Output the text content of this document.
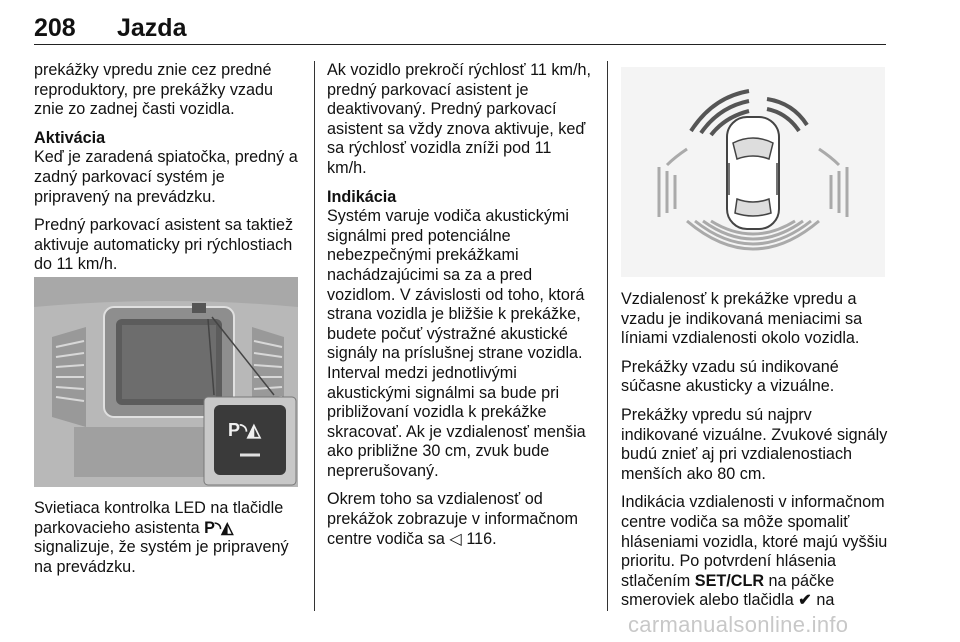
208 Jazda

prekážky vpredu znie cez predné reproduktory, pre prekážky vzadu znie zo zadnej časti vozidla.

Aktivácia

Keď je zaradená spiatočka, predný a zadný parkovací systém je pripravený na prevádzku.

Predný parkovací asistent sa taktiež aktivuje automaticky pri rýchlostiach do 11 km/h.

P◝◭
Svietiaca kontrolka LED na tlačidle parkovacieho asistenta P◝◭ signalizuje, že systém je pripravený na prevádzku.

Ak vozidlo prekročí rýchlosť 11 km/h, predný parkovací asistent je deaktivovaný. Predný parkovací asistent sa vždy znova aktivuje, keď sa rýchlosť vozidla zníži pod 11 km/h.

Indikácia

Systém varuje vodiča akustickými signálmi pred potenciálne nebezpečnými prekážkami nachádzajúcimi sa za a pred vozidlom. V závislosti od toho, ktorá strana vozidla je bližšie k prekážke, budete počuť výstražné akustické signály na príslušnej strane vozidla. Interval medzi jednotlivými akustickými signálmi sa bude pri približovaní vozidla k prekážke skracovať. Ak je vzdialenosť menšia ako približne 30 cm, zvuk bude neprerušovaný.

Okrem toho sa vzdialenosť od prekážok zobrazuje v informačnom centre vodiča sa ◁ 116.

Vzdialenosť k prekážke vpredu a vzadu je indikovaná meniacimi sa líniami vzdialenosti okolo vozidla.

Prekážky vzadu sú indikované súčasne akusticky a vizuálne.

Prekážky vpredu sú najprv indikované vizuálne. Zvukové signály budú znieť aj pri vzdialenostiach menších ako 80 cm.

Indikácia vzdialenosti v informačnom centre vodiča sa môže spomaliť hláseniami vozidla, ktoré majú vyššiu prioritu. Po potvrdení hlásenia stlačením SET/CLR na páčke smeroviek alebo tlačidla ✔ na

carmanualsonline.info
